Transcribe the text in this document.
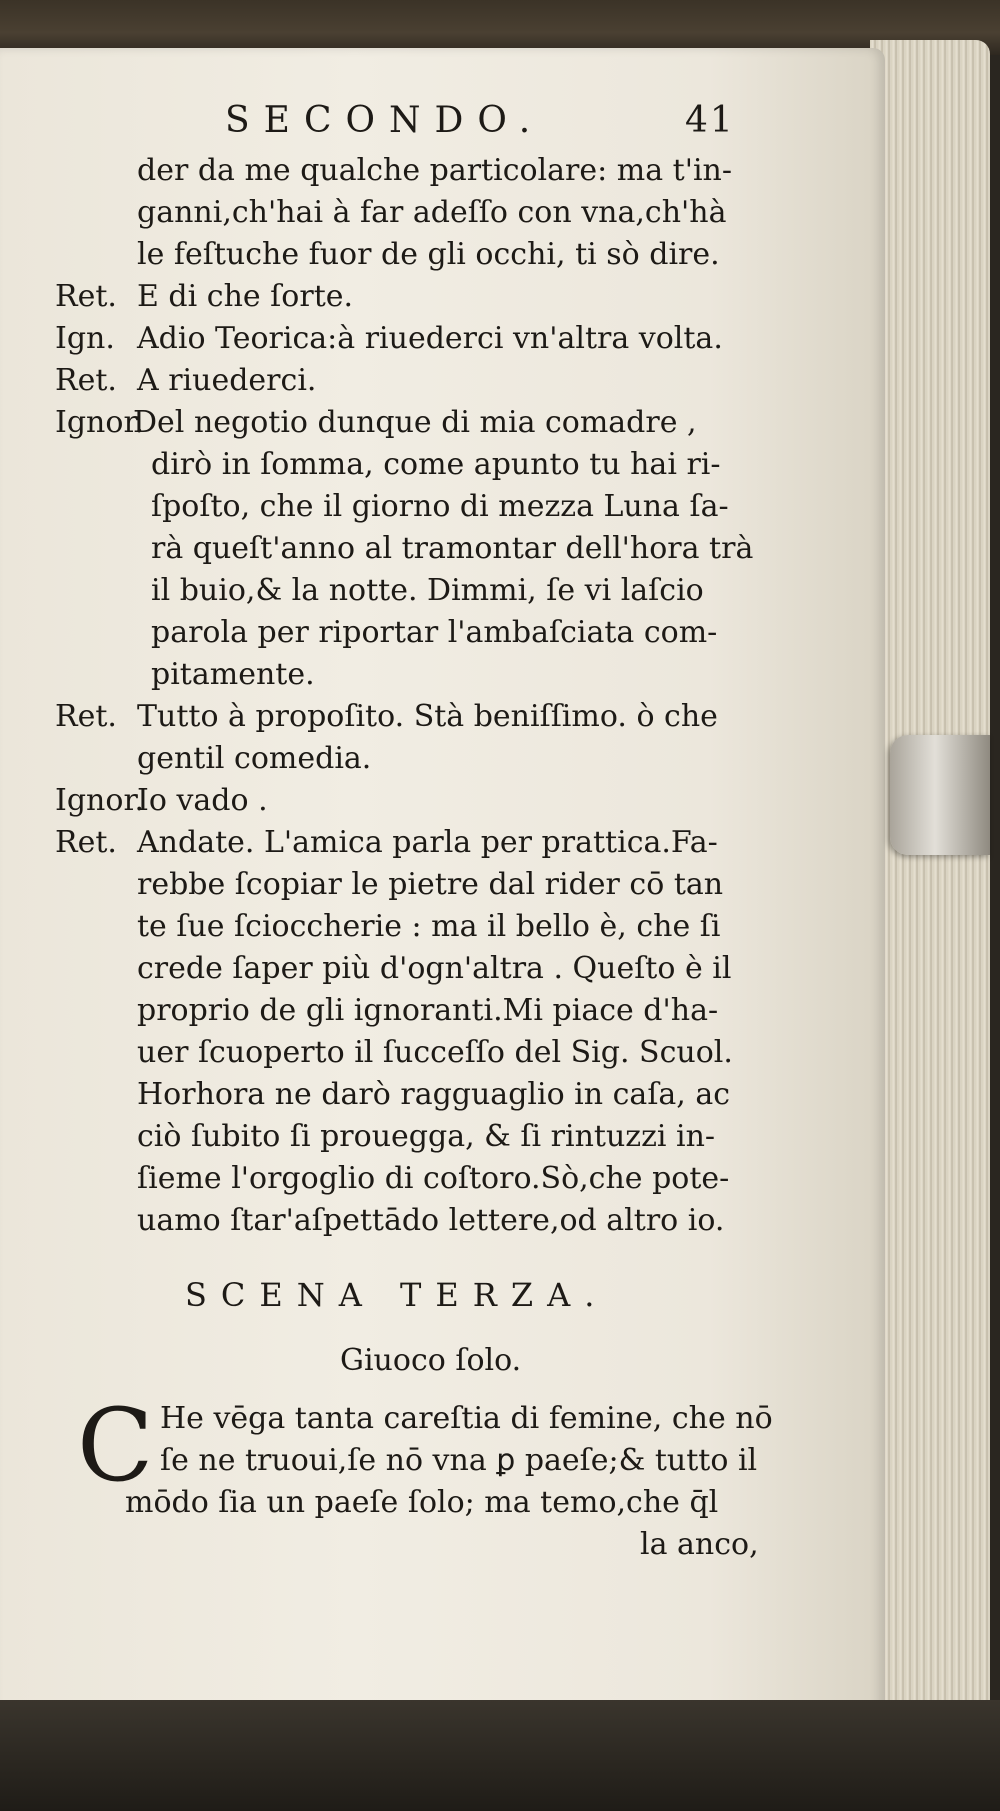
SECONDO.	41
der da me qualche particolare: ma t'in-
ganni,ch'hai à far adeſſo con vna,ch'hà
le feſtuche fuor de gli occhi, ti sò dire.
Ret. E di che ſorte.
Ign. Adio Teorica:à riuederci vn'altra volta.
Ret. A riuederci.
Ignor.
Del negotio dunque di mia comadre ,
dirò in ſomma, come apunto tu hai ri-
ſpoſto, che il giorno di mezza Luna ſa-
rà queſt'anno al tramontar dell'hora trà
il buio,& la notte. Dimmi, ſe vi laſcio
parola per riportar l'ambaſciata com-
pitamente.
Ret. Tutto à propoſito. Stà beniſſimo. ò che
gentil comedia.
Ignor.
Io vado .
Ret. Andate. L'amica parla per prattica.Fa-
rebbe ſcopiar le pietre dal rider cō tan
te ſue ſcioccherie : ma il bello è, che ſi
crede ſaper più d'ogn'altra . Queſto è il
proprio de gli ignoranti.Mi piace d'ha-
uer ſcuoperto il ſucceſſo del Sig. Scuol.
Horhora ne darò ragguaglio in caſa, ac
ciò ſubito ſi prouegga, & ſi rintuzzi in-
ſieme l'orgoglio di coſtoro.Sò,che pote-
uamo ſtar'aſpettādo lettere,od altro io.
SCENA TERZA.
Giuoco ſolo.
C He vēga tanta careſtia di femine, che nō
ſe ne truoui,ſe nō vna ꝑ paeſe;& tutto il
mōdo ſia un paeſe ſolo; ma temo,che q̄l
la anco,
